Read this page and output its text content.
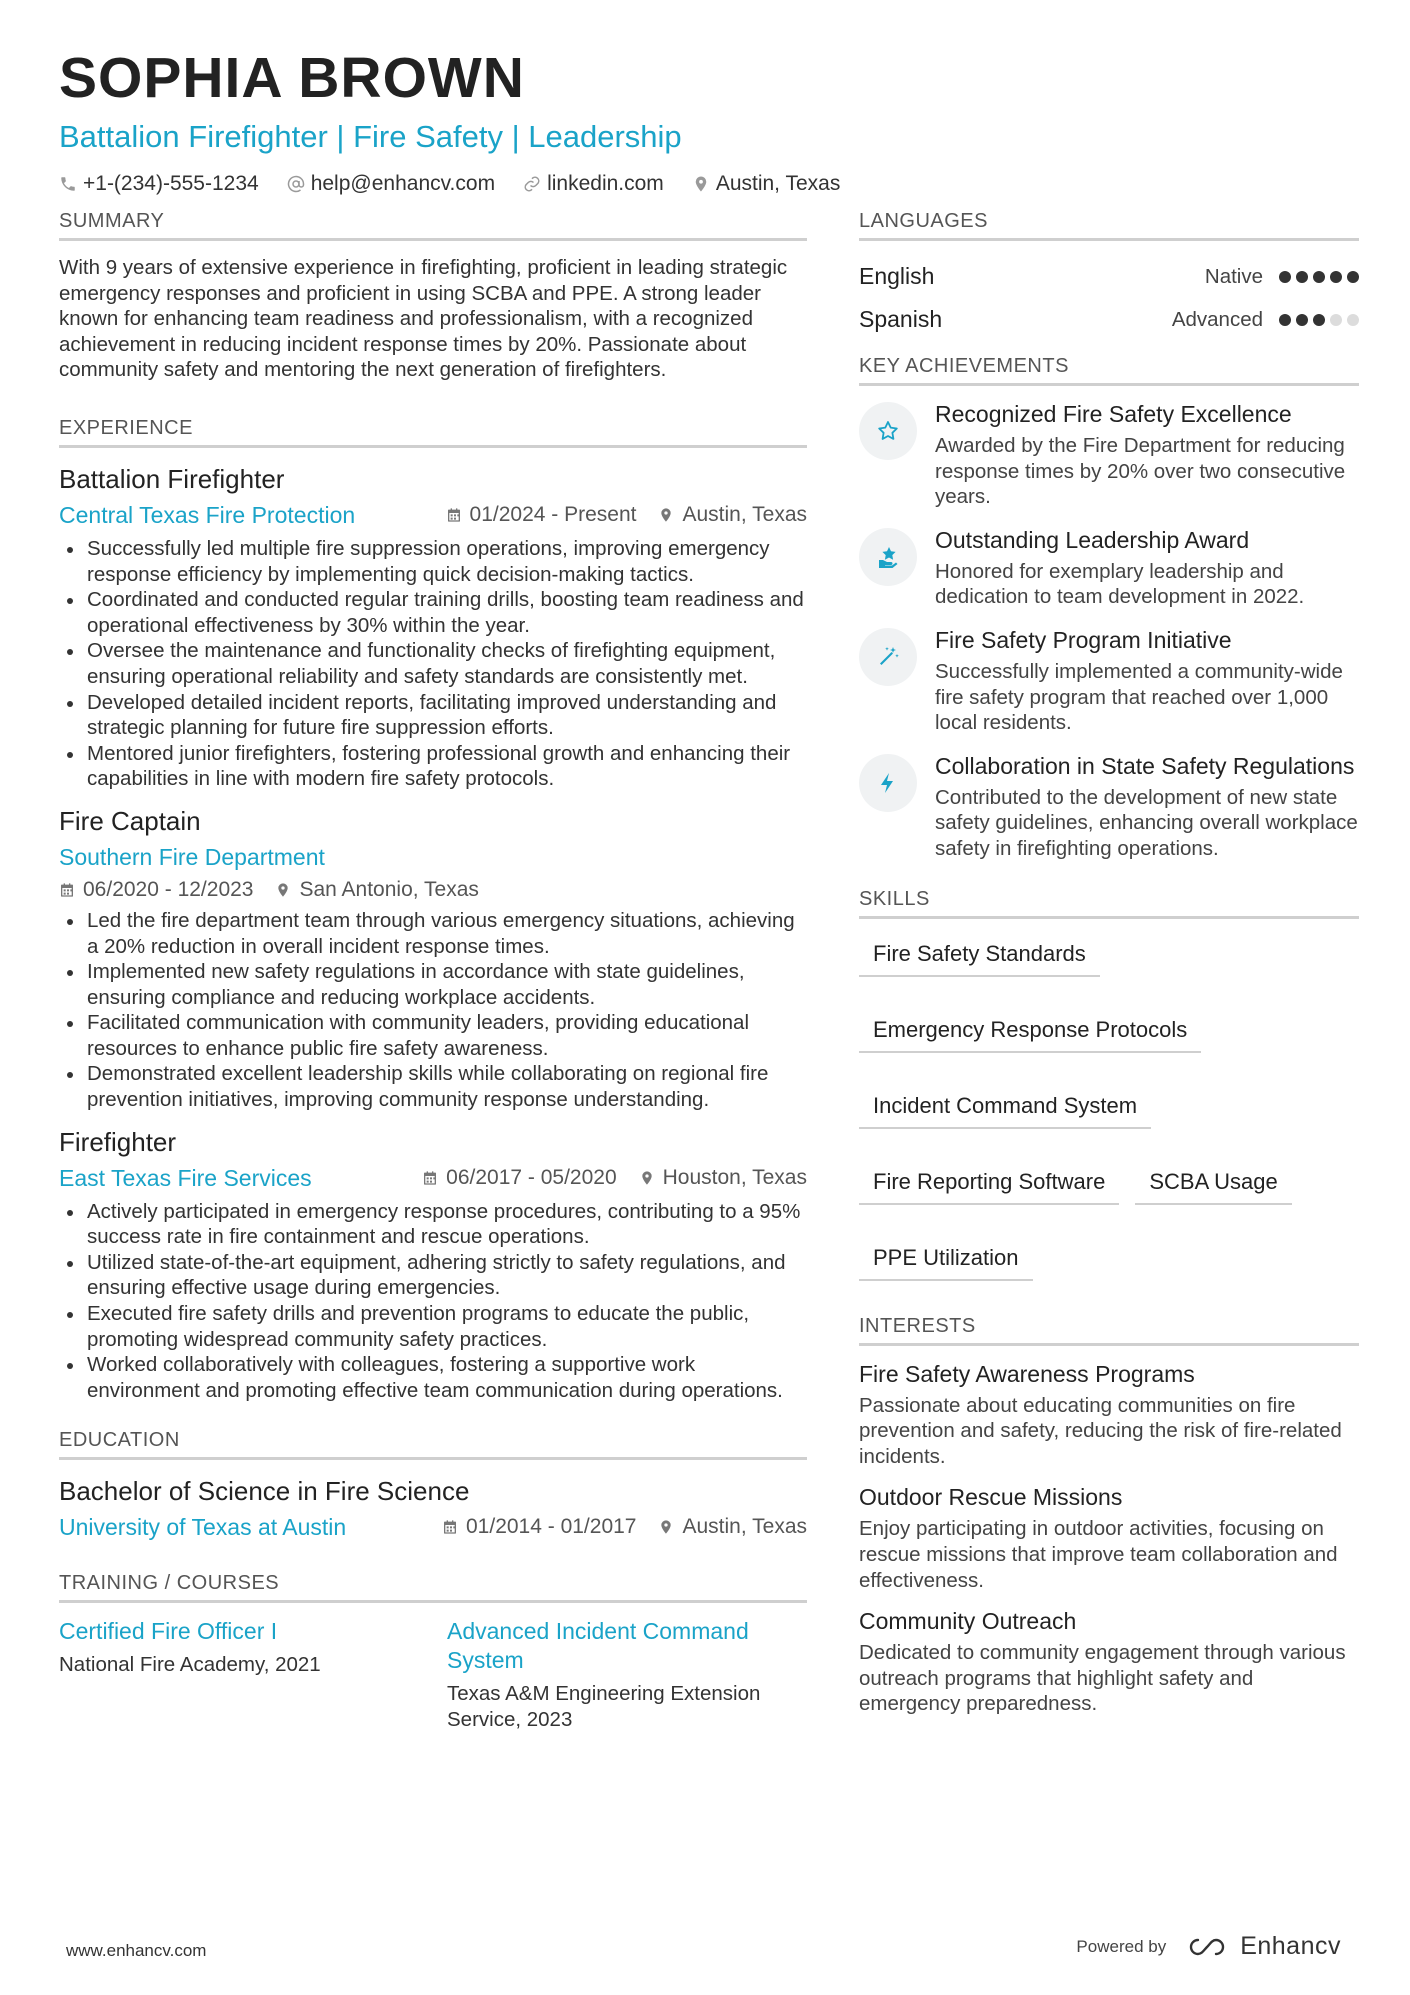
SOPHIA BROWN
Battalion Firefighter | Fire Safety | Leadership
+1-(234)-555-1234 help@enhancv.com linkedin.com Austin, Texas
SUMMARY
With 9 years of extensive experience in firefighting, proficient in leading strategic emergency responses and proficient in using SCBA and PPE. A strong leader known for enhancing team readiness and professionalism, with a recognized achievement in reducing incident response times by 20%. Passionate about community safety and mentoring the next generation of firefighters.
EXPERIENCE
Battalion Firefighter
Central Texas Fire Protection	01/2024 - Present Austin, Texas
Successfully led multiple fire suppression operations, improving emergency response efficiency by implementing quick decision-making tactics.
Coordinated and conducted regular training drills, boosting team readiness and operational effectiveness by 30% within the year.
Oversee the maintenance and functionality checks of firefighting equipment, ensuring operational reliability and safety standards are consistently met.
Developed detailed incident reports, facilitating improved understanding and strategic planning for future fire suppression efforts.
Mentored junior firefighters, fostering professional growth and enhancing their capabilities in line with modern fire safety protocols.
Fire Captain
Southern Fire Department
06/2020 - 12/2023 San Antonio, Texas
Led the fire department team through various emergency situations, achieving a 20% reduction in overall incident response times.
Implemented new safety regulations in accordance with state guidelines, ensuring compliance and reducing workplace accidents.
Facilitated communication with community leaders, providing educational resources to enhance public fire safety awareness.
Demonstrated excellent leadership skills while collaborating on regional fire prevention initiatives, improving community response understanding.
Firefighter
East Texas Fire Services	06/2017 - 05/2020 Houston, Texas
Actively participated in emergency response procedures, contributing to a 95% success rate in fire containment and rescue operations.
Utilized state-of-the-art equipment, adhering strictly to safety regulations, and ensuring effective usage during emergencies.
Executed fire safety drills and prevention programs to educate the public, promoting widespread community safety practices.
Worked collaboratively with colleagues, fostering a supportive work environment and promoting effective team communication during operations.
EDUCATION
Bachelor of Science in Fire Science
University of Texas at Austin	01/2014 - 01/2017 Austin, Texas
TRAINING / COURSES
Certified Fire Officer I
National Fire Academy, 2021
Advanced Incident Command System
Texas A&M Engineering Extension Service, 2023
LANGUAGES
English	Native
Spanish	Advanced
KEY ACHIEVEMENTS
Recognized Fire Safety Excellence
Awarded by the Fire Department for reducing response times by 20% over two consecutive years.
Outstanding Leadership Award
Honored for exemplary leadership and dedication to team development in 2022.
Fire Safety Program Initiative
Successfully implemented a community-wide fire safety program that reached over 1,000 local residents.
Collaboration in State Safety Regulations
Contributed to the development of new state safety guidelines, enhancing overall workplace safety in firefighting operations.
SKILLS
Fire Safety Standards
Emergency Response Protocols
Incident Command System
Fire Reporting Software	SCBA Usage
PPE Utilization
INTERESTS
Fire Safety Awareness Programs
Passionate about educating communities on fire prevention and safety, reducing the risk of fire-related incidents.
Outdoor Rescue Missions
Enjoy participating in outdoor activities, focusing on rescue missions that improve team collaboration and effectiveness.
Community Outreach
Dedicated to community engagement through various outreach programs that highlight safety and emergency preparedness.
www.enhancv.com	Powered by	Enhancv
